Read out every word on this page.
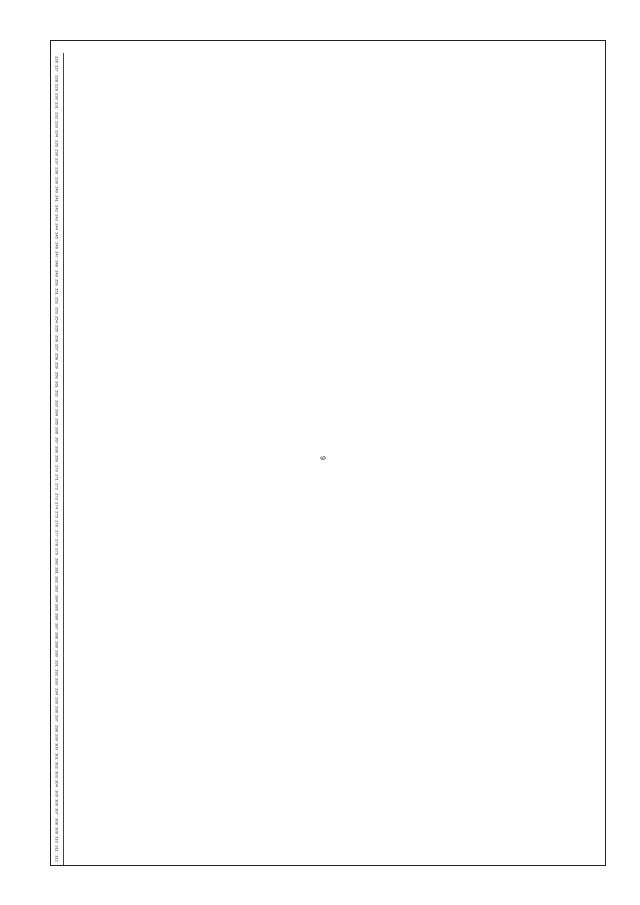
9
226
227
228
229
230
231
232
233
234
235
236
237
238
239
240
241
242
243
244
245
246
247
248
249
250
251
252
253
254
255
256
257
258
259
260
261
262
263
264
265
266
267
268
269
270
271
272
273
274
275
276
277
278
279
280
281
282
283
284
285
286
287
288
289
290
291
292
293
294
295
296
297
298
299
300
301
302
303
304
305
306
307
308
309
310
311
312
